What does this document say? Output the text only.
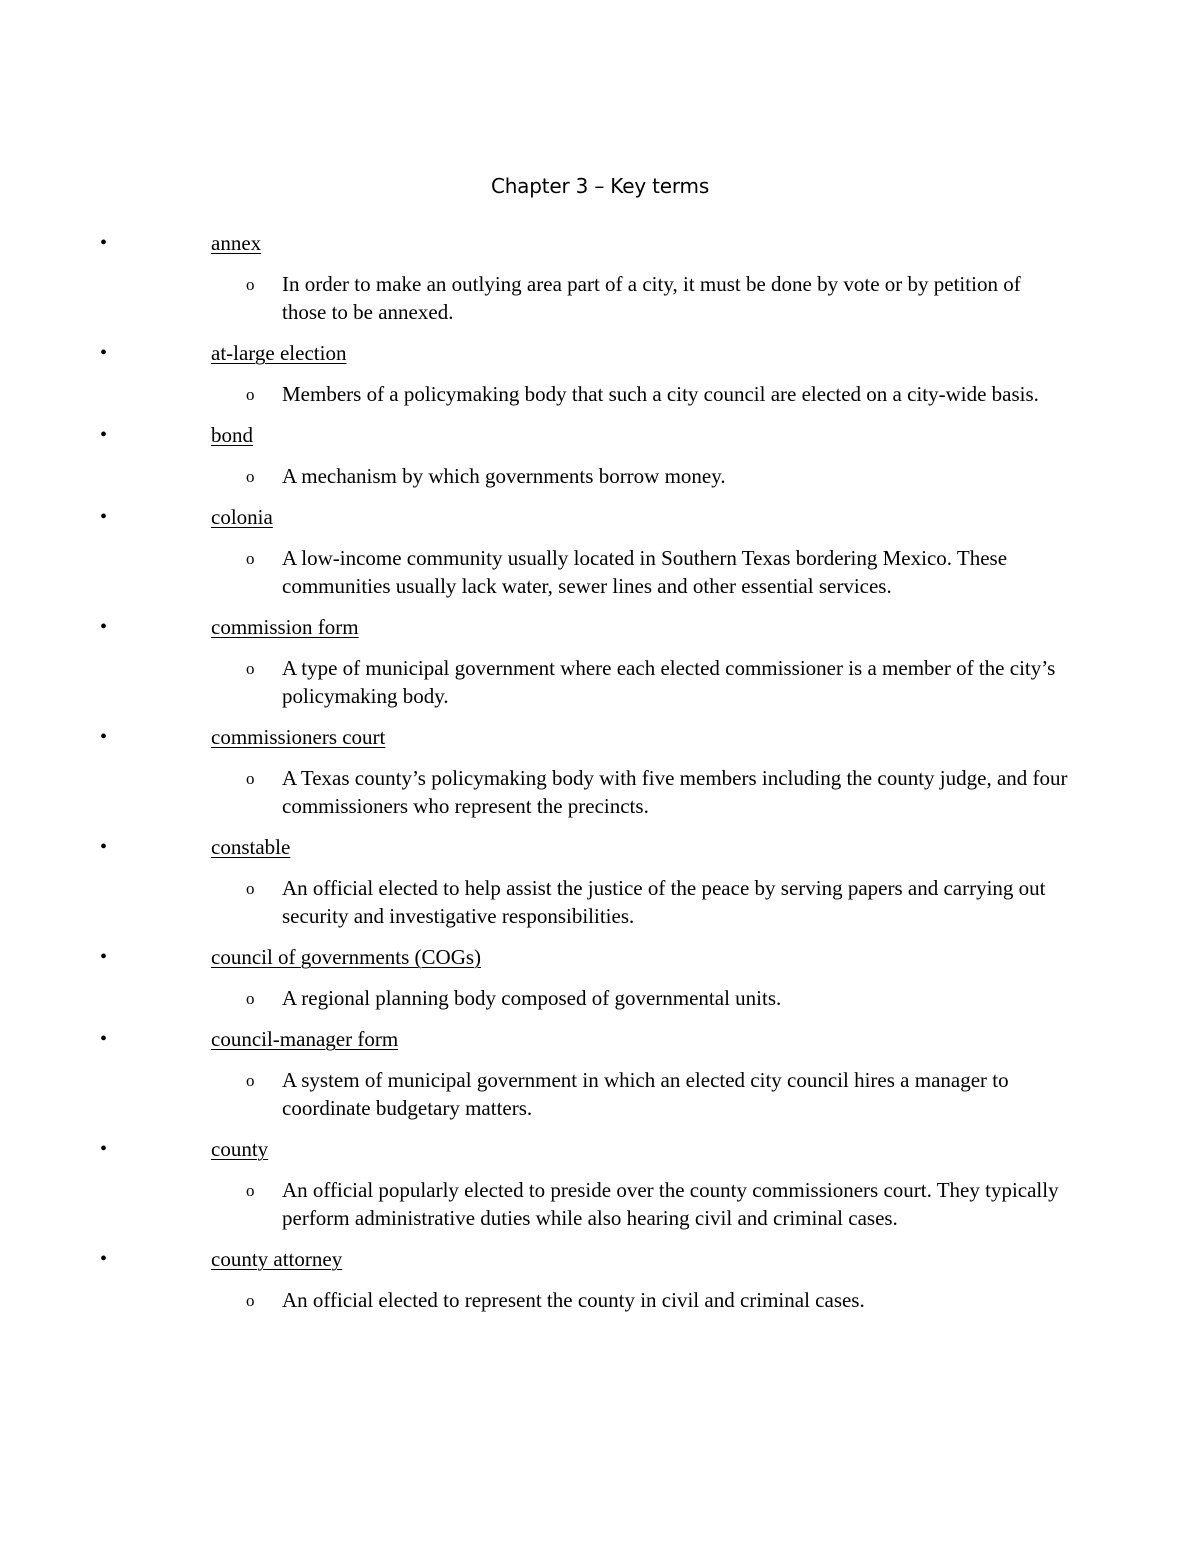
Chapter 3 – Key terms
•	annex
o In order to make an outlying area part of a city, it must be done by vote or by petition of those to be annexed.
•	at-large election
o Members of a policymaking body that such a city council are elected on a city-wide basis.
•	bond
o A mechanism by which governments borrow money.
•	colonia
o A low-income community usually located in Southern Texas bordering Mexico. These communities usually lack water, sewer lines and other essential services.
•	commission form
o A type of municipal government where each elected commissioner is a member of the city’s policymaking body.
•	commissioners court
o A Texas county’s policymaking body with five members including the county judge, and four commissioners who represent the precincts.
•	constable
o An official elected to help assist the justice of the peace by serving papers and carrying out security and investigative responsibilities.
•	council of governments (COGs)
o A regional planning body composed of governmental units.
•	council-manager form
o A system of municipal government in which an elected city council hires a manager to coordinate budgetary matters.
•	county
o An official popularly elected to preside over the county commissioners court. They typically perform administrative duties while also hearing civil and criminal cases.
•	county attorney
o An official elected to represent the county in civil and criminal cases.
